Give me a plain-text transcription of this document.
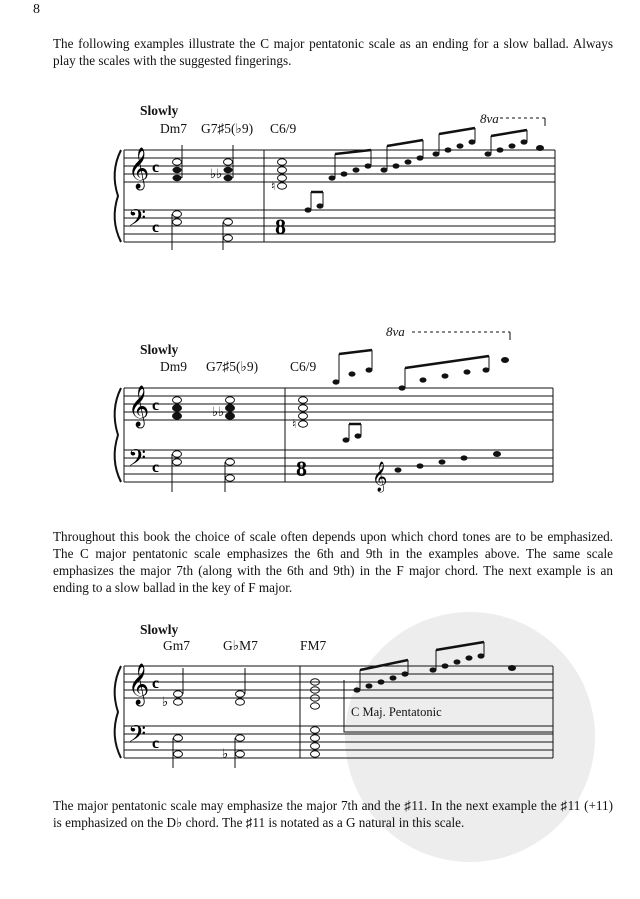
8
The following examples illustrate the C major pentatonic scale as an ending for a slow ballad. Always play the scales with the suggested fingerings.
Slowly
Dm7 G7♯5(♭9) C6/9
8va
𝄞
𝄢
c
c
♭♭
♮
8
8va
Slowly
Dm9 G7♯5(♭9) C6/9
𝄞
𝄢
c
c
♭♭
♮
8	𝄞
Throughout this book the choice of scale often depends upon which chord tones are to be emphasized. The C major pentatonic scale emphasizes the 6th and 9th in the examples above. The same scale emphasizes the major 7th (along with the 6th and 9th) in the F major chord. The next example is an ending to a slow ballad in the key of F major.
Slowly
Gm7 G♭M7	FM7
C Maj. Pentatonic
𝄞
𝄢
c
c
♭
♭
The major pentatonic scale may emphasize the major 7th and the ♯11. In the next example the ♯11 (+11) is emphasized on the D♭ chord. The ♯11 is notated as a G natural in this scale.
